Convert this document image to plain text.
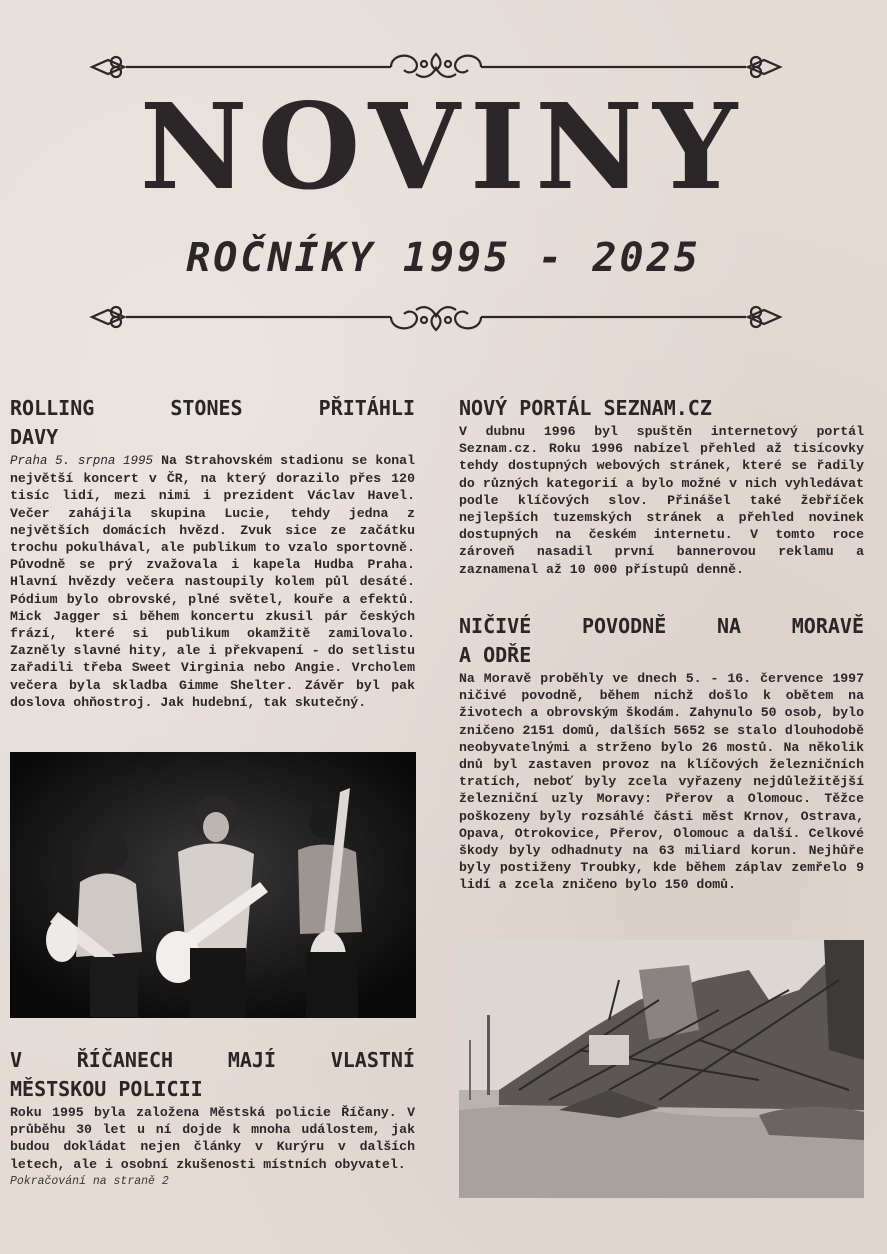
NOVINY
ROČNÍKY 1995 - 2025
ROLLING STONES PŘITÁHLI
DAVY

Praha 5. srpna 1995 Na Strahovském stadionu se konal největší koncert v ČR, na který dorazilo přes 120 tisíc lidí, mezi nimi i prezident Václav Havel. Večer zahájila skupina Lucie, tehdy jedna z největších domácích hvězd. Zvuk sice ze začátku trochu pokulhával, ale publikum to vzalo sportovně. Původně se prý zvažovala i kapela Hudba Praha. Hlavní hvězdy večera nastoupily kolem půl desáté. Pódium bylo obrovské, plné světel, kouře a efektů. Mick Jagger si během koncertu zkusil pár českých frází, které si publikum okamžitě zamilovalo. Zazněly slavné hity, ale i překvapení - do setlistu zařadili třeba Sweet Virginia nebo Angie. Vrcholem večera byla skladba Gimme Shelter. Závěr byl pak doslova ohňostroj. Jak hudební, tak skutečný.

V ŘÍČANECH MAJÍ VLASTNÍ
MĚSTSKOU POLICII

Roku 1995 byla založena Městská policie Říčany. V průběhu 30 let u ní dojde k mnoha událostem, jak budou dokládat nejen články v Kurýru v dalších letech, ale i osobní zkušenosti místních obyvatel.

Pokračování na straně 2
NOVÝ PORTÁL SEZNAM.CZ

V dubnu 1996 byl spuštěn internetový portál Seznam.cz. Roku 1996 nabízel přehled až tisícovky tehdy dostupných webových stránek, které se řadily do různých kategorií a bylo možné v nich vyhledávat podle klíčových slov. Přinášel také žebříček nejlepších tuzemských stránek a přehled novinek dostupných na českém internetu. V tomto roce zároveň nasadil první bannerovou reklamu a zaznamenal až 10 000 přístupů denně.

NIČIVÉ POVODNĚ NA MORAVĚ
A ODŘE

Na Moravě proběhly ve dnech 5. - 16. července 1997 ničivé povodně, během nichž došlo k obětem na životech a obrovským škodám. Zahynulo 50 osob, bylo zničeno 2151 domů, dalších 5652 se stalo dlouhodobě neobyvatelnými a strženo bylo 26 mostů. Na několik dnů byl zastaven provoz na klíčových železničních tratích, neboť byly zcela vyřazeny nejdůležitější železniční uzly Moravy: Přerov a Olomouc. Těžce poškozeny byly rozsáhlé části měst Krnov, Ostrava, Opava, Otrokovice, Přerov, Olomouc a další. Celkové škody byly odhadnuty na 63 miliard korun. Nejhůře byly postiženy Troubky, kde během záplav zemřelo 9 lidí a zcela zničeno bylo 150 domů.
